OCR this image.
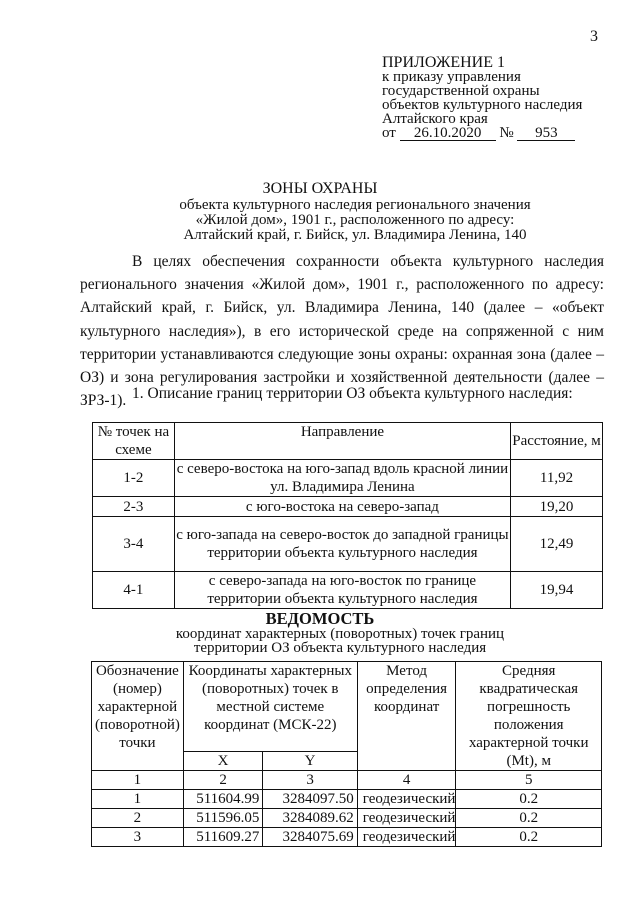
3
ПРИЛОЖЕНИЕ 1
к приказу управления
государственной охраны
объектов культурного наследия
Алтайского края
от 26.10.2020 № 953
ЗОНЫ ОХРАНЫ
объекта культурного наследия регионального значения
«Жилой дом», 1901 г., расположенного по адресу:
Алтайский край, г. Бийск, ул. Владимира Ленина, 140
В целях обеспечения сохранности объекта культурного наследия регионального значения «Жилой дом», 1901 г., расположенного по адресу: Алтайский край, г. Бийск, ул. Владимира Ленина, 140 (далее – «объект культурного наследия»), в его исторической среде на сопряженной с ним территории устанавливаются следующие зоны охраны: охранная зона (далее – ОЗ) и зона регулирования застройки и хозяйственной деятельности (далее – ЗРЗ-1). 1. Описание границ территории ОЗ объекта культурного наследия:
№ точек на схеме	Направление	Расстояние, м
1-2	с северо-востока на юго-запад вдоль красной линии ул. Владимира Ленина	11,92
2-3	с юго-востока на северо-запад	19,20
3-4	с юго-запада на северо-восток до западной границы территории объекта культурного наследия	12,49
4-1	с северо-запада на юго-восток по границе территории объекта культурного наследия	19,94
ВЕДОМОСТЬ
координат характерных (поворотных) точек границ
территории ОЗ объекта культурного наследия
Обозначение (номер) характерной (поворотной) точки	Координаты характерных (поворотных) точек в местной системе координат (МСК-22)		Метод определения координат	Средняя квадратическая погрешность положения характерной точки (Mt), м
	X	Y		
1	2	3	4	5
1	511604.99	3284097.50	геодезический	0.2
2	511596.05	3284089.62	геодезический	0.2
3	511609.27	3284075.69	геодезический	0.2
